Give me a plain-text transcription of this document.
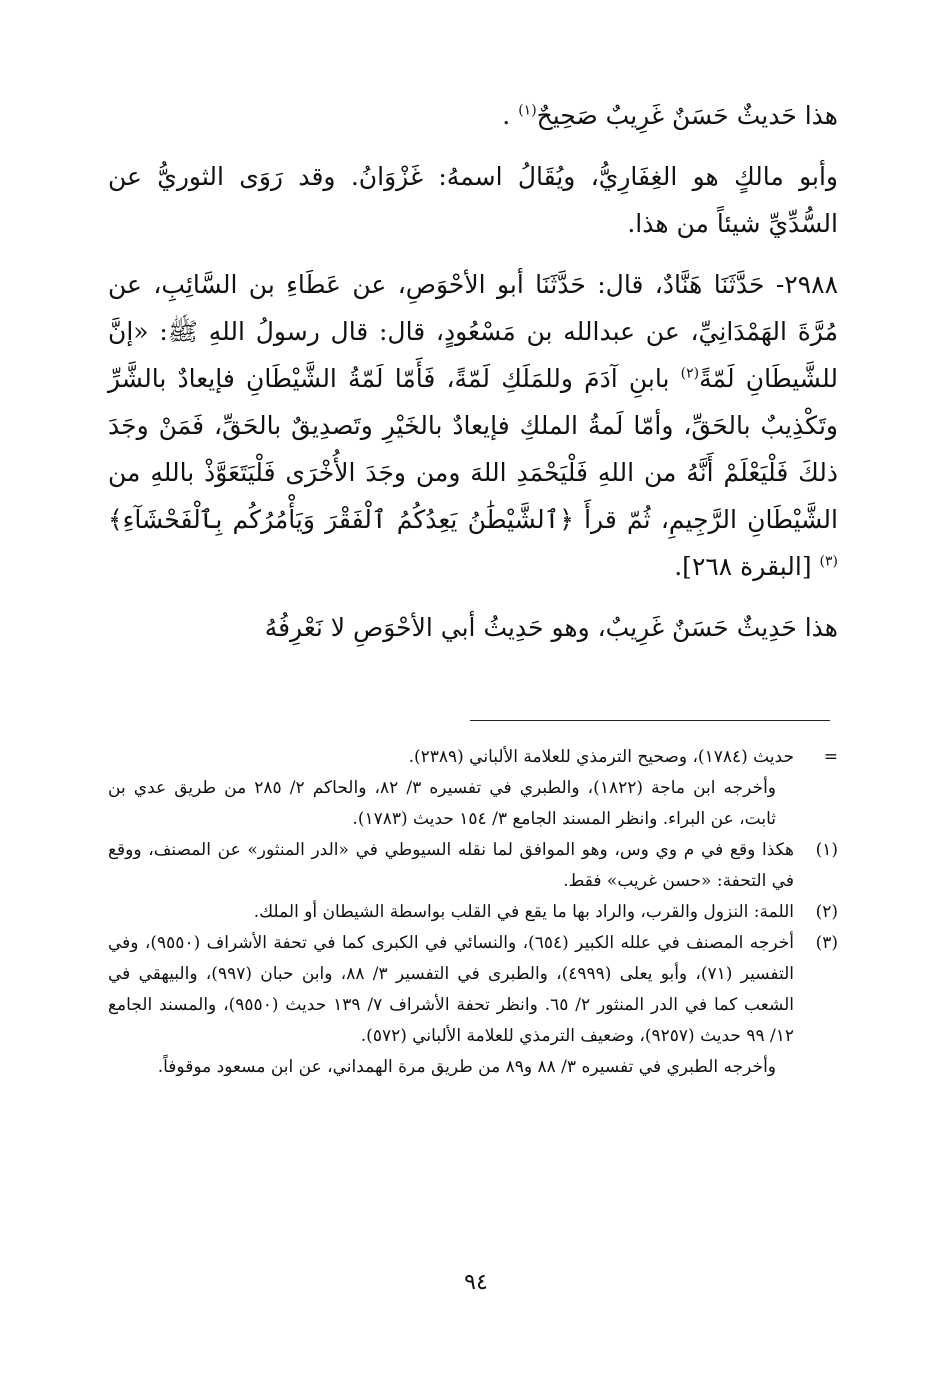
هذا حَديثٌ حَسَنٌ غَرِيبٌ صَحِيحٌ$^{(١)}$ .

وأبو مالكٍ هو الغِفَارِيُّ، ويُقَالُ اسمهُ: غَزْوَانُ. وقد رَوَى الثوريُّ عن السُّدِّيِّ شيئاً من هذا.

٢٩٨٨- حَدَّثَنَا هَنَّادٌ، قال: حَدَّثَنَا أبو الأحْوَصِ، عن عَطَاءِ بن السَّائِبِ، عن مُرَّةَ الهَمْدَانِيِّ، عن عبدالله بن مَسْعُودٍ، قال: قال رسولُ اللهِ ﷺ: «إنَّ للشَّيطَانِ لَمّةً$^{(٢)}$ بابنِ آدَمَ وللمَلَكِ لَمّةً، فَأَمّا لَمّةُ الشَّيْطَانِ فإيعادٌ بالشَّرِّ وتَكْذِيبٌ بالحَقِّ، وأمّا لَمةُ الملكِ فإيعادٌ بالخَيْرِ وتَصدِيقٌ بالحَقِّ، فَمَنْ وجَدَ ذلكَ فَلْيَعْلَمْ أَنَّهُ من اللهِ فَلْيَحْمَدِ اللهَ ومن وجَدَ الأُخْرَى فَلْيَتَعَوَّذْ باللهِ من الشَّيْطَانِ الرَّجِيمِ، ثُمّ قرأَ ﴿ٱلشَّيْطَٰنُ يَعِدُكُمُ ٱلْفَقْرَ وَيَأْمُرُكُم بِٱلْفَحْشَآءِ﴾$^{(٣)}$ [البقرة ٢٦٨].

هذا حَدِيثٌ حَسَنٌ غَرِيبٌ، وهو حَدِيثُ أبي الأحْوَصِ لا نَعْرِفُهُ

=
حديث (١٧٨٤)، وصحيح الترمذي للعلامة الألباني (٢٣٨٩).
وأخرجه ابن ماجة (١٨٢٢)، والطبري في تفسيره ٣/ ٨٢، والحاكم ٢/ ٢٨٥ من طريق عدي بن ثابت، عن البراء. وانظر المسند الجامع ٣/ ١٥٤ حديث (١٧٨٣).
(١)
هكذا وقع في م وي وس، وهو الموافق لما نقله السيوطي في «الدر المنثور» عن المصنف، ووقع في التحفة: «حسن غريب» فقط.
(٢)
اللمة: النزول والقرب، والراد بها ما يقع في القلب بواسطة الشيطان أو الملك.
(٣)
أخرجه المصنف في علله الكبير (٦٥٤)، والنسائي في الكبرى كما في تحفة الأشراف (٩٥٥٠)، وفي التفسير (٧١)، وأبو يعلى (٤٩٩٩)، والطبرى في التفسير ٣/ ٨٨، وابن حبان (٩٩٧)، والبيهقي في الشعب كما في الدر المنثور ٢/ ٦٥. وانظر تحفة الأشراف ٧/ ١٣٩ حديث (٩٥٥٠)، والمسند الجامع ١٢/ ٩٩ حديث (٩٢٥٧)، وضعيف الترمذي للعلامة الألباني (٥٧٢).
وأخرجه الطبري في تفسيره ٣/ ٨٨ و٨٩ من طريق مرة الهمداني، عن ابن مسعود موقوفاً.
٩٤
